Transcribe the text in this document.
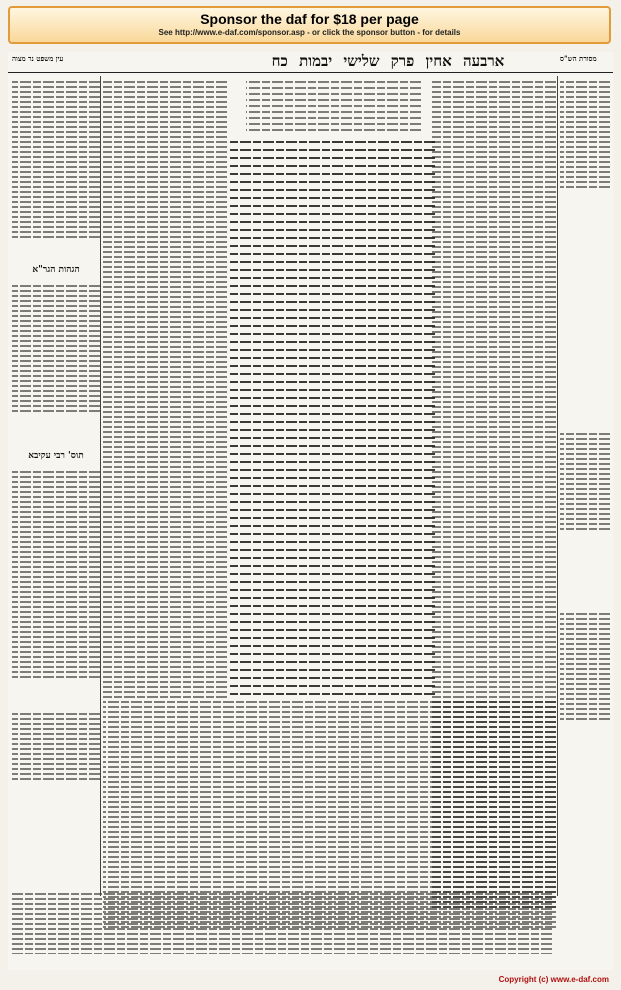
Sponsor the daf for $18 per page
See http://www.e-daf.com/sponsor.asp - or click the sponsor button - for details
ארבעה אחין פרק שלישי יבמות כח
עין משפט נר מצוה	מסורת הש"ס
הגהות הגר"א
תוס' רבי עקיבא
Copyright (c) www.e-daf.com
